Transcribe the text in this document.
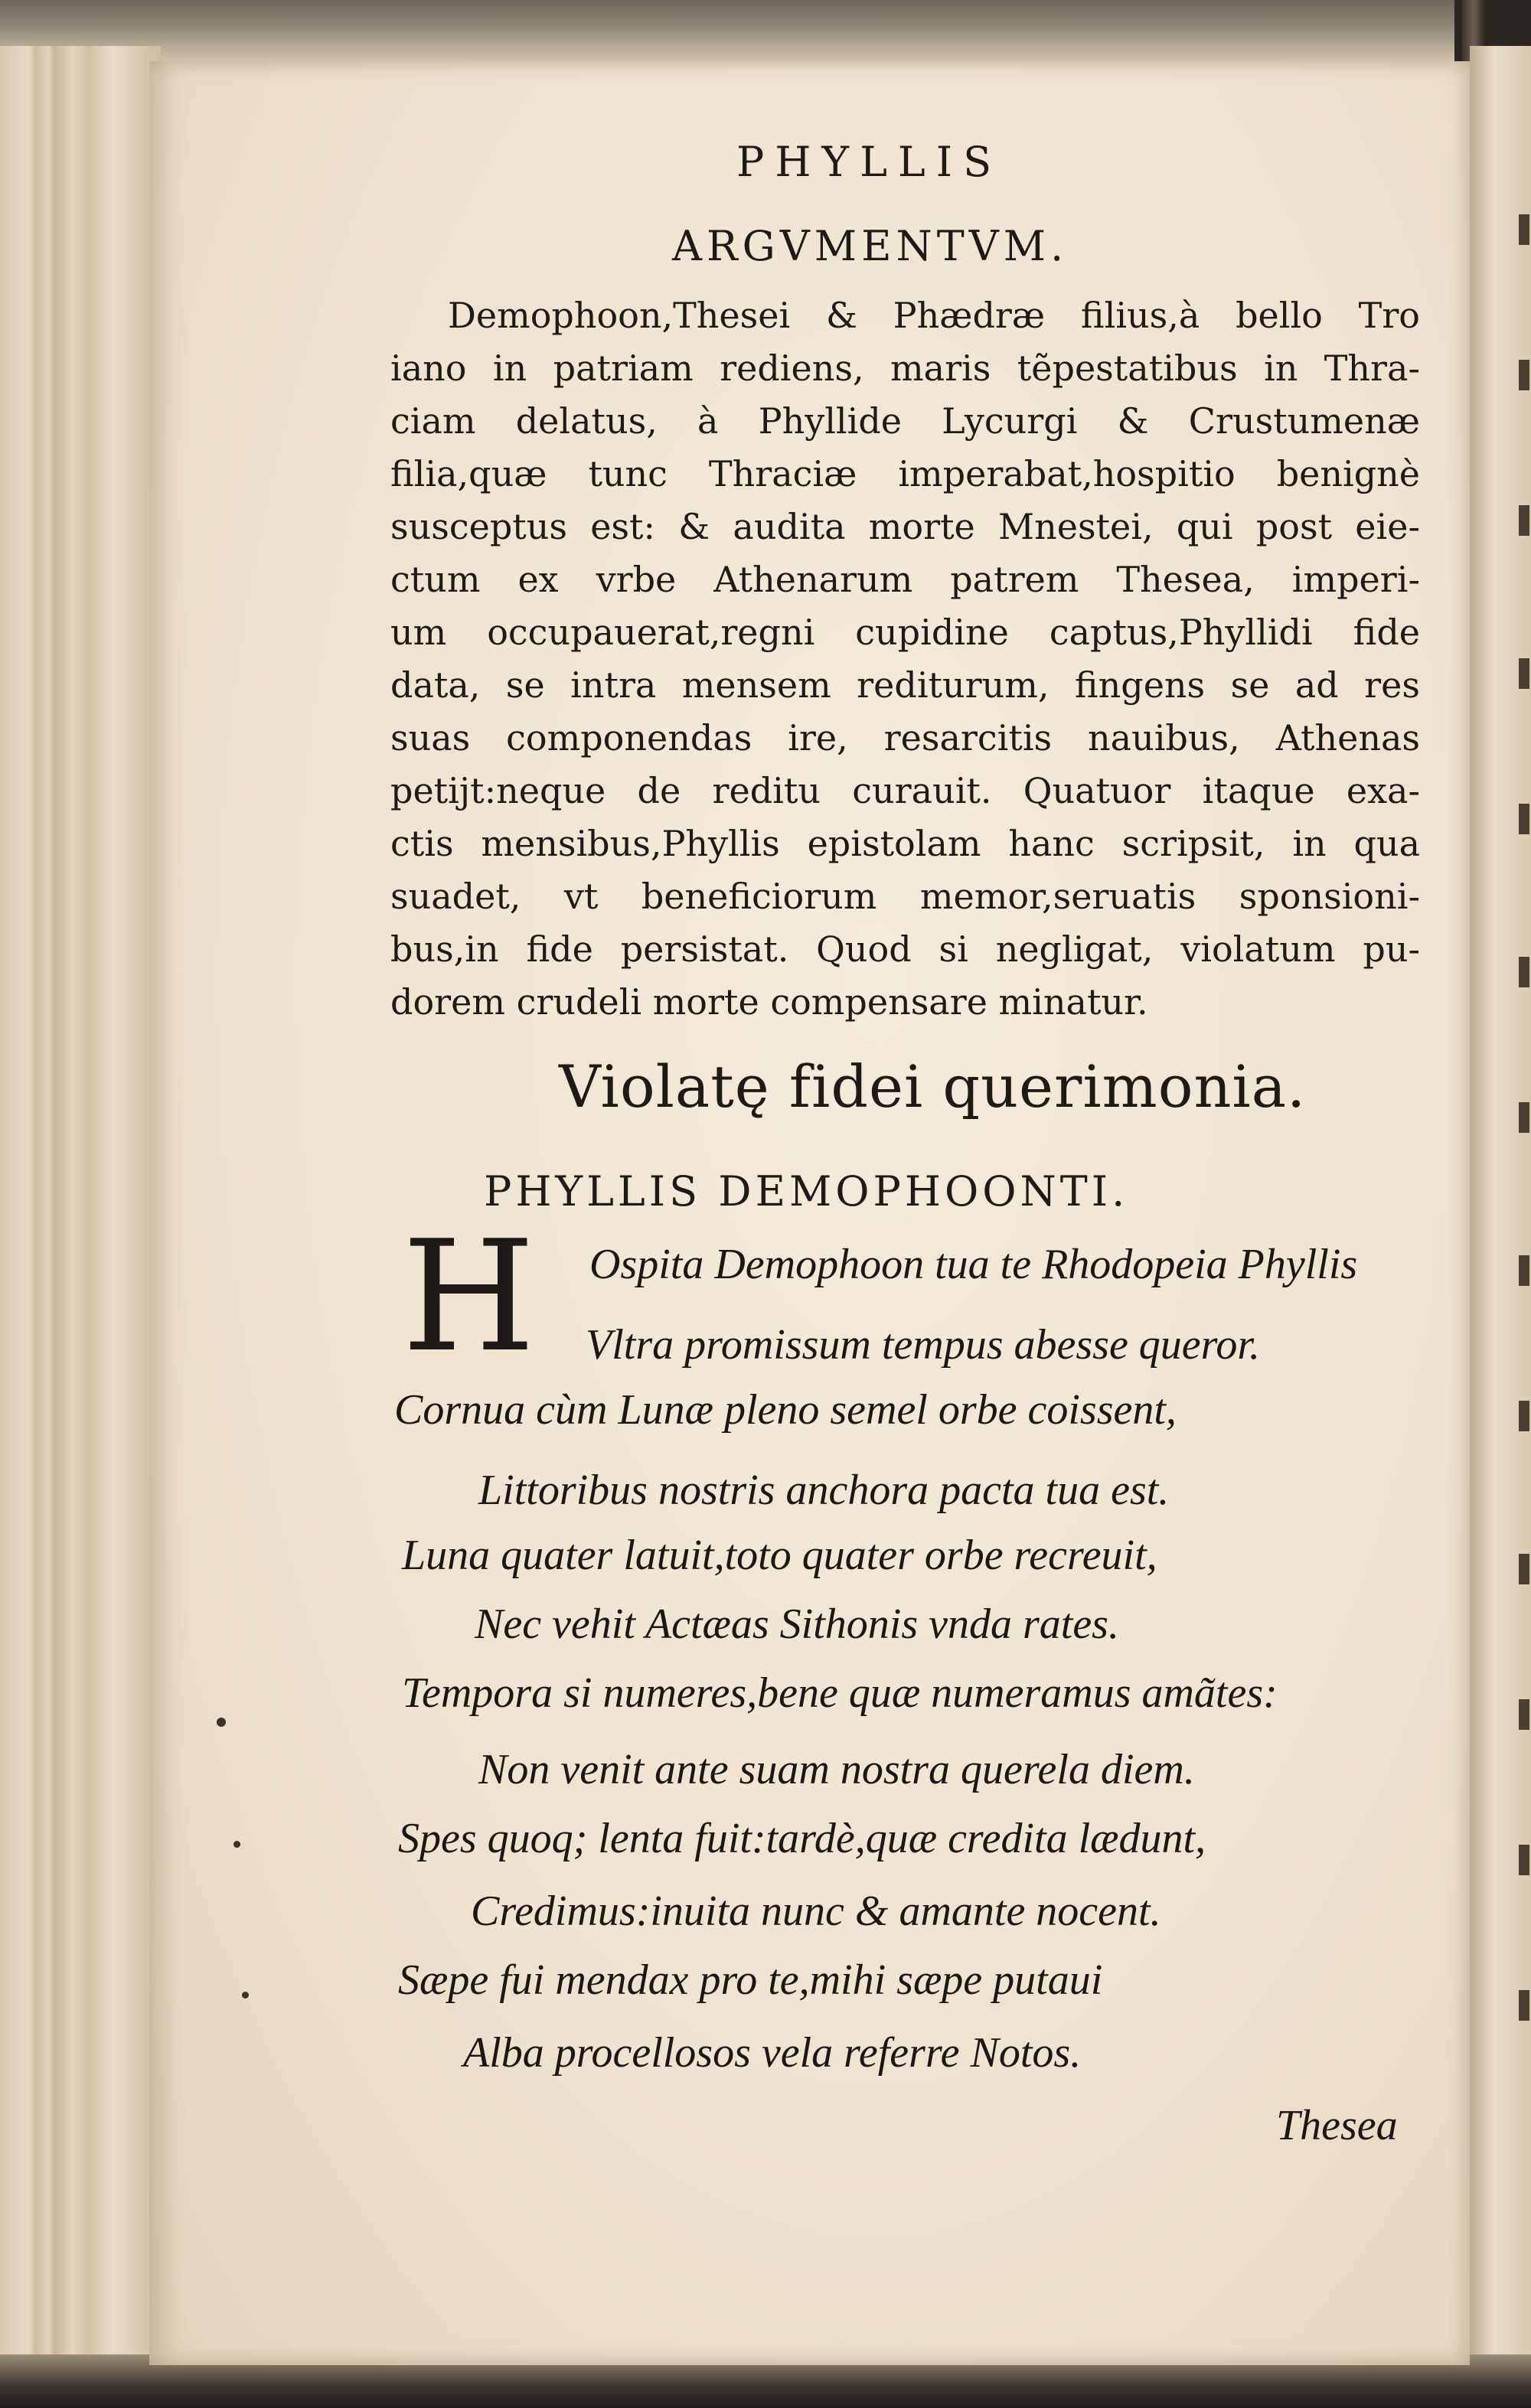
PHYLLIS
ARGVMENTVM.
Demophoon,Thesei & Phædræ filius,à bello Tro
iano in patriam rediens, maris tẽpestatibus in Thra-
ciam delatus, à Phyllide Lycurgi & Crustumenæ
filia,quæ tunc Thraciæ imperabat,hospitio benignè
susceptus est: & audita morte Mnestei, qui post eie-
ctum ex vrbe Athenarum patrem Thesea, imperi-
um occupauerat,regni cupidine captus,Phyllidi fide
data, se intra mensem rediturum, fingens se ad res
suas componendas ire, resarcitis nauibus, Athenas
petijt:neque de reditu curauit. Quatuor itaque exa-
ctis mensibus,Phyllis epistolam hanc scripsit, in qua
suadet, vt beneficiorum memor,seruatis sponsioni-
bus,in fide persistat. Quod si negligat, violatum pu-
dorem crudeli morte compensare minatur.
Violatę fidei querimonia.
PHYLLIS DEMOPHOONTI.
H Ospita Demophoon tua te Rhodopeia Phyllis
Vltra promissum tempus abesse queror.
Cornua cùm Lunæ pleno semel orbe coissent,
Littoribus nostris anchora pacta tua est.
Luna quater latuit,toto quater orbe recreuit,
Nec vehit Actæas Sithonis vnda rates.
Tempora si numeres,bene quæ numeramus amãtes:
Non venit ante suam nostra querela diem.
Spes quoq; lenta fuit:tardè,quæ credita lædunt,
Credimus:inuita nunc & amante nocent.
Sæpe fui mendax pro te,mihi sæpe putaui
Alba procellosos vela referre Notos.
Thesea
